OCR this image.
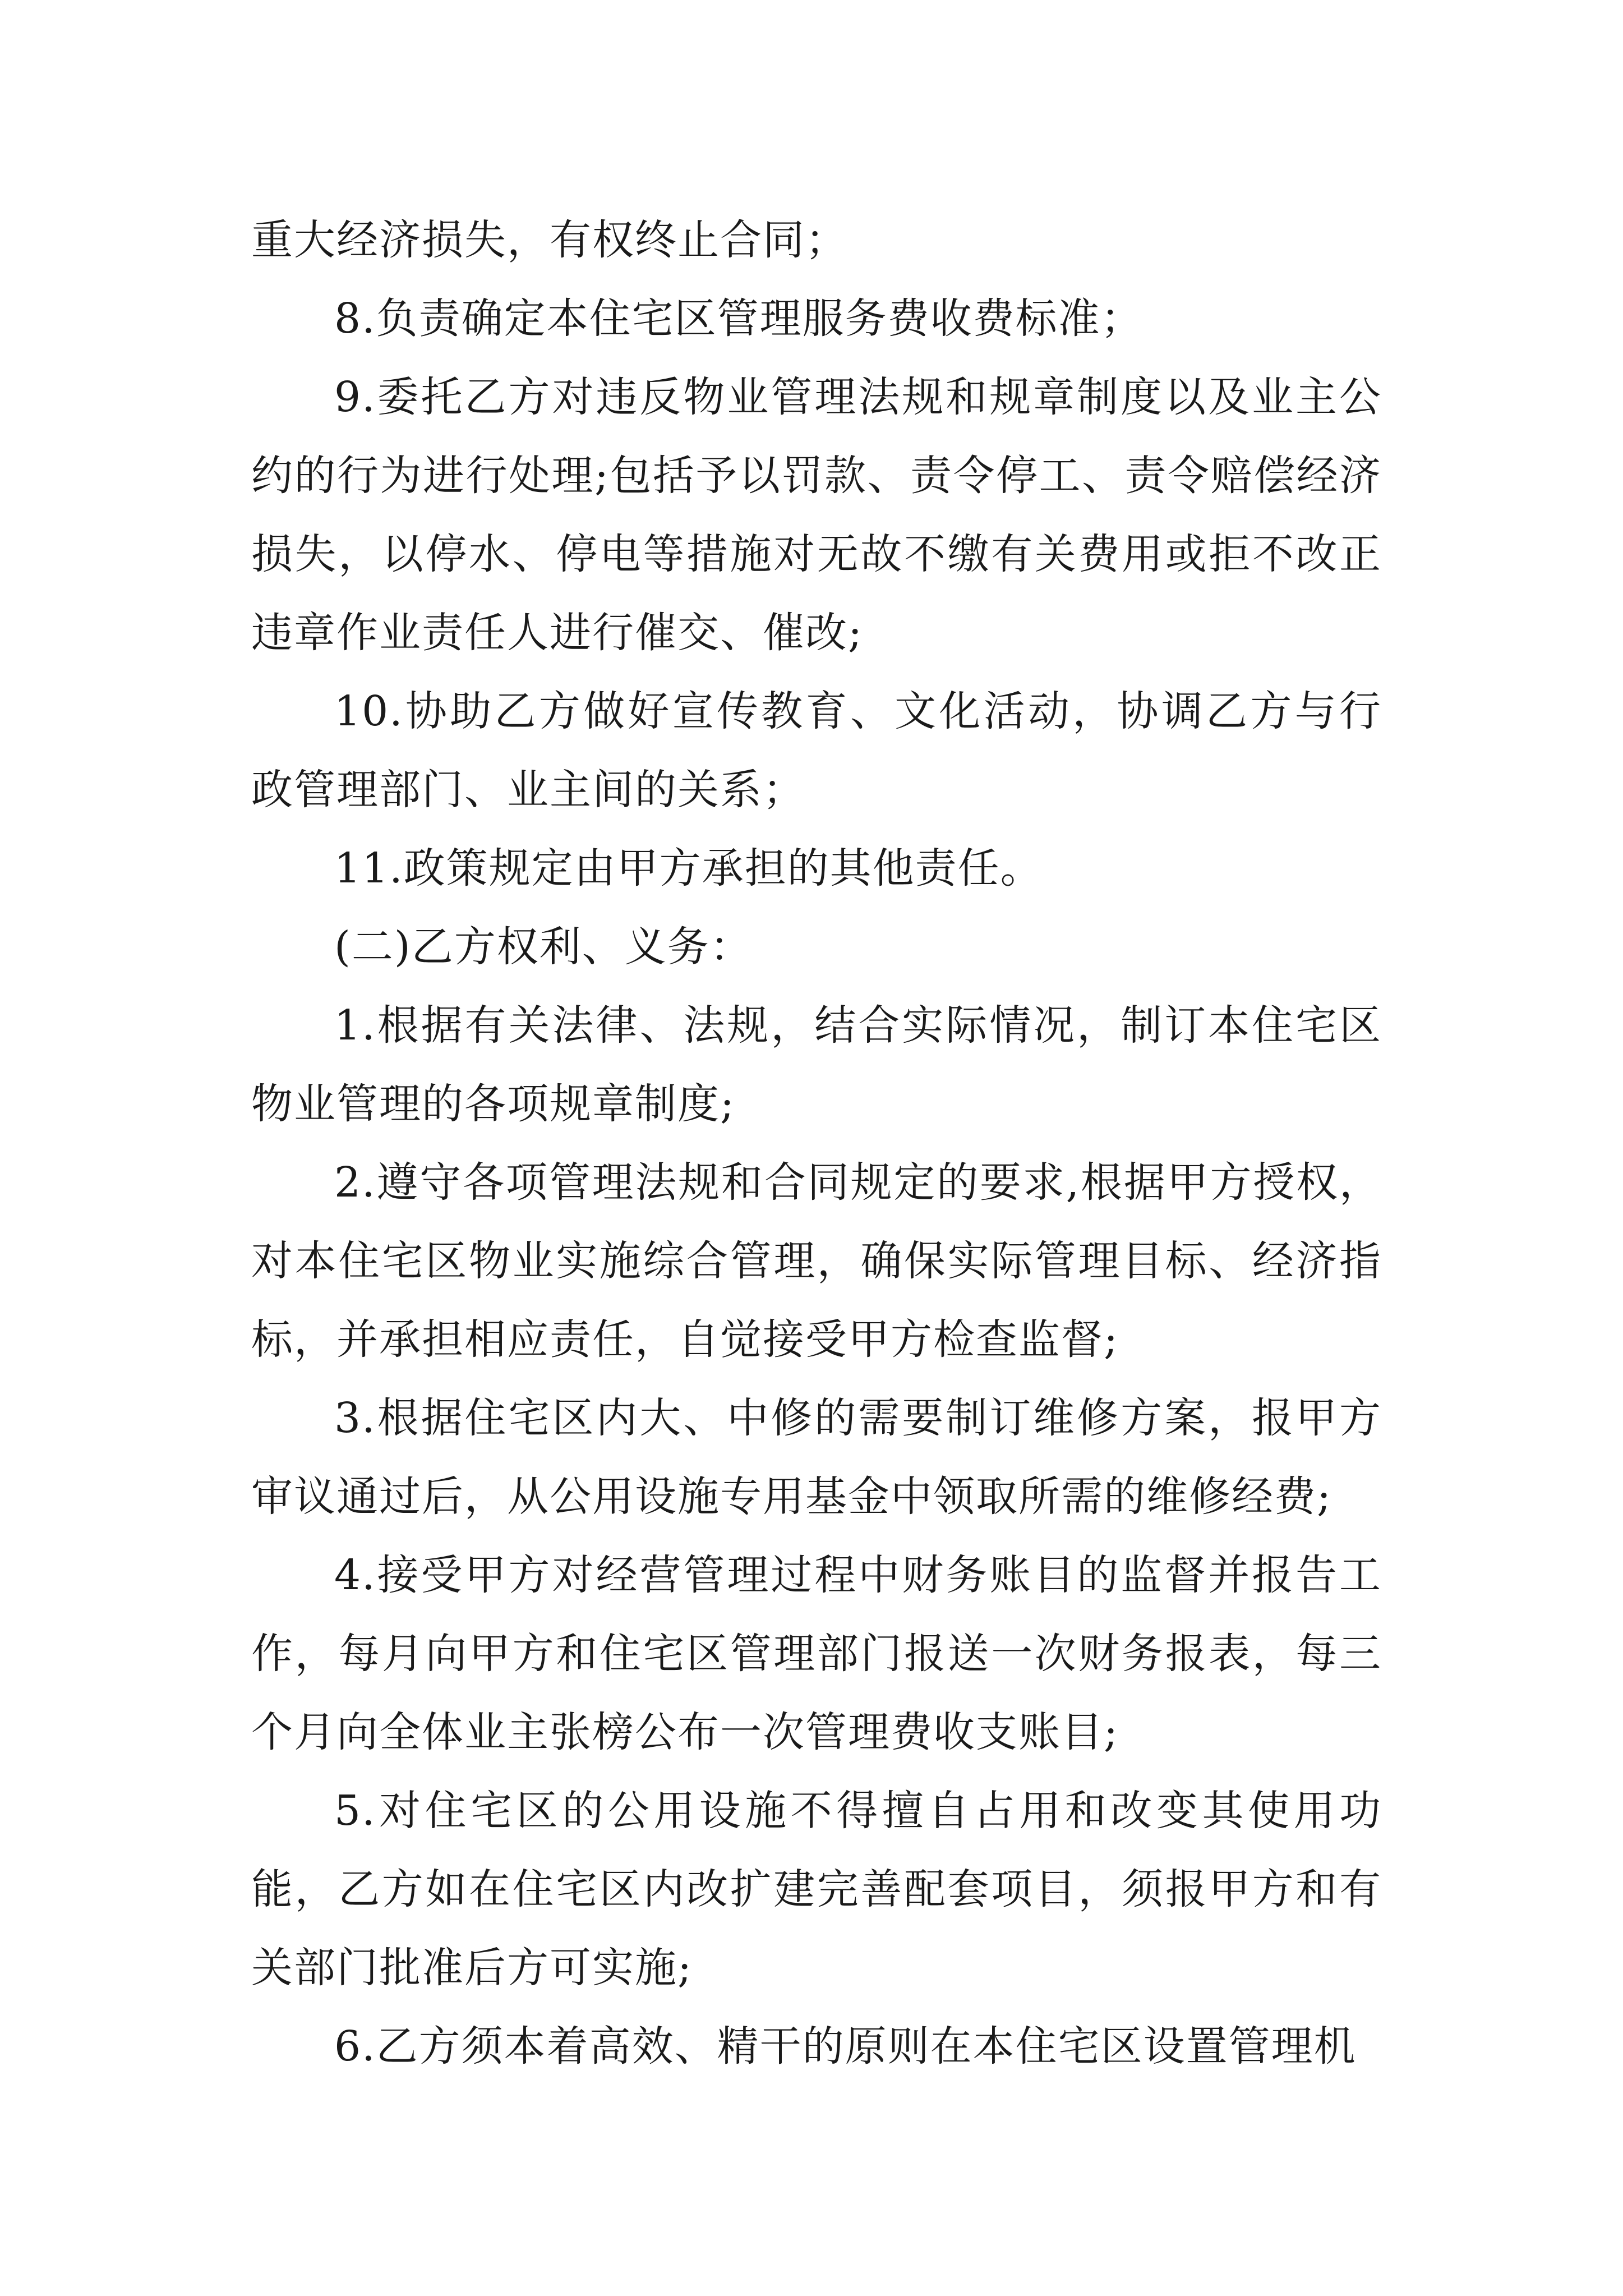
重大经济损失，有权终止合同；

8.负责确定本住宅区管理服务费收费标准；

9.委托乙方对违反物业管理法规和规章制度以及业主公约的行为进行处理;包括予以罚款、责令停工、责令赔偿经济损失，以停水、停电等措施对无故不缴有关费用或拒不改正违章作业责任人进行催交、催改;

10.协助乙方做好宣传教育、文化活动，协调乙方与行政管理部门、业主间的关系；

11.政策规定由甲方承担的其他责任。

(二)乙方权利、义务：

1.根据有关法律、法规，结合实际情况，制订本住宅区物业管理的各项规章制度;

2.遵守各项管理法规和合同规定的要求,根据甲方授权，对本住宅区物业实施综合管理，确保实际管理目标、经济指标，并承担相应责任，自觉接受甲方检查监督;

3.根据住宅区内大、中修的需要制订维修方案，报甲方审议通过后，从公用设施专用基金中领取所需的维修经费;

4.接受甲方对经营管理过程中财务账目的监督并报告工作，每月向甲方和住宅区管理部门报送一次财务报表，每三个月向全体业主张榜公布一次管理费收支账目;

5.对住宅区的公用设施不得擅自占用和改变其使用功能，乙方如在住宅区内改扩建完善配套项目，须报甲方和有关部门批准后方可实施;

6.乙方须本着高效、精干的原则在本住宅区设置管理机
